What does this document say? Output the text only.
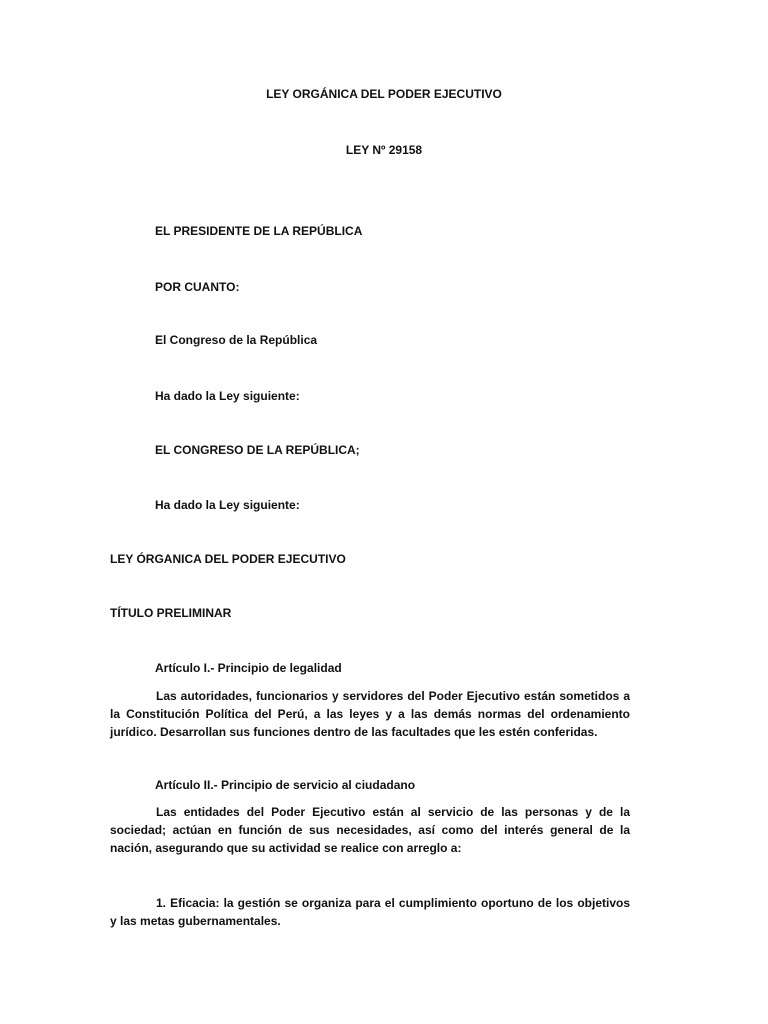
LEY ORGÁNICA DEL PODER EJECUTIVO

LEY Nº 29158

EL PRESIDENTE DE LA REPÚBLICA

POR CUANTO:

El Congreso de la República

Ha dado la Ley siguiente:

EL CONGRESO DE LA REPÚBLICA;

Ha dado la Ley siguiente:

LEY ÓRGANICA DEL PODER EJECUTIVO

TÍTULO PRELIMINAR

Artículo I.- Principio de legalidad

Las autoridades, funcionarios y servidores del Poder Ejecutivo están sometidos a la Constitución Política del Perú, a las leyes y a las demás normas del ordenamiento jurídico. Desarrollan sus funciones dentro de las facultades que les estén conferidas.

Artículo II.- Principio de servicio al ciudadano

Las entidades del Poder Ejecutivo están al servicio de las personas y de la sociedad; actúan en función de sus necesidades, así como del interés general de la nación, asegurando que su actividad se realice con arreglo a:

1. Eficacia: la gestión se organiza para el cumplimiento oportuno de los objetivos y las metas gubernamentales.
